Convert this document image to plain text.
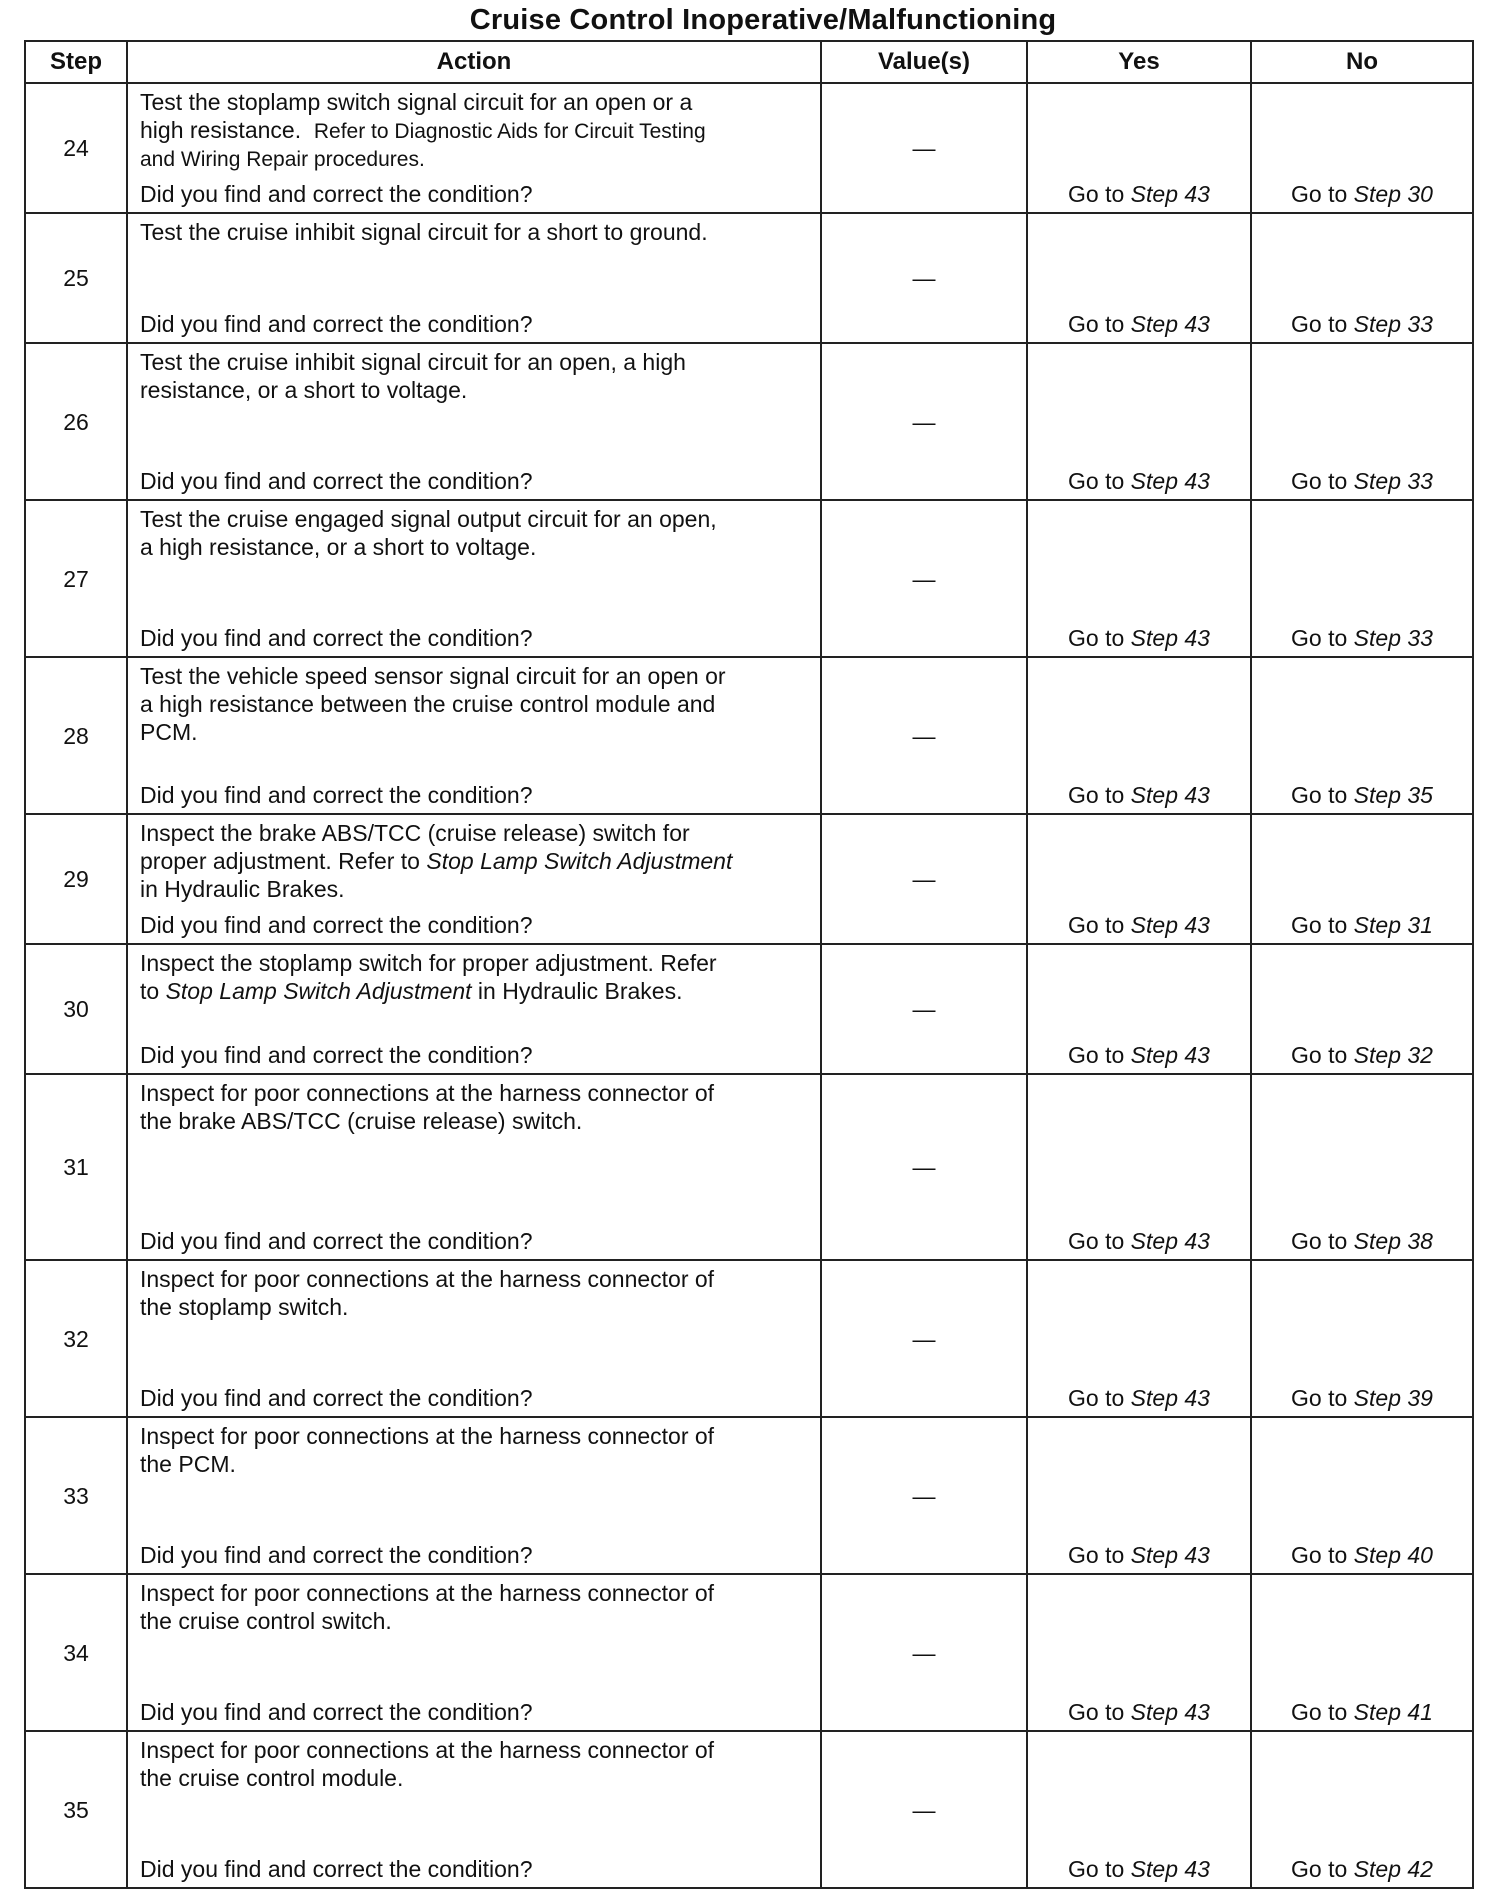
Cruise Control Inoperative/Malfunctioning
Step	Action	Value(s)	Yes	No
24	Test the stoplamp switch signal circuit for an open or a
high resistance. Refer to Diagnostic Aids for Circuit Testing
and Wiring Repair procedures.
Did you find and correct the condition?	—	Go to Step 43	Go to Step 30
25	Test the cruise inhibit signal circuit for a short to ground.
Did you find and correct the condition?	—	Go to Step 43	Go to Step 33
26	Test the cruise inhibit signal circuit for an open, a high
resistance, or a short to voltage.
Did you find and correct the condition?	—	Go to Step 43	Go to Step 33
27	Test the cruise engaged signal output circuit for an open,
a high resistance, or a short to voltage.
Did you find and correct the condition?	—	Go to Step 43	Go to Step 33
28	Test the vehicle speed sensor signal circuit for an open or
a high resistance between the cruise control module and
PCM.
Did you find and correct the condition?	—	Go to Step 43	Go to Step 35
29	Inspect the brake ABS/TCC (cruise release) switch for
proper adjustment. Refer to Stop Lamp Switch Adjustment
in Hydraulic Brakes.
Did you find and correct the condition?	—	Go to Step 43	Go to Step 31
30	Inspect the stoplamp switch for proper adjustment. Refer
to Stop Lamp Switch Adjustment in Hydraulic Brakes.
Did you find and correct the condition?	—	Go to Step 43	Go to Step 32
31	Inspect for poor connections at the harness connector of
the brake ABS/TCC (cruise release) switch.
Did you find and correct the condition?	—	Go to Step 43	Go to Step 38
32	Inspect for poor connections at the harness connector of
the stoplamp switch.
Did you find and correct the condition?	—	Go to Step 43	Go to Step 39
33	Inspect for poor connections at the harness connector of
the PCM.
Did you find and correct the condition?	—	Go to Step 43	Go to Step 40
34	Inspect for poor connections at the harness connector of
the cruise control switch.
Did you find and correct the condition?	—	Go to Step 43	Go to Step 41
35	Inspect for poor connections at the harness connector of
the cruise control module.
Did you find and correct the condition?	—	Go to Step 43	Go to Step 42
